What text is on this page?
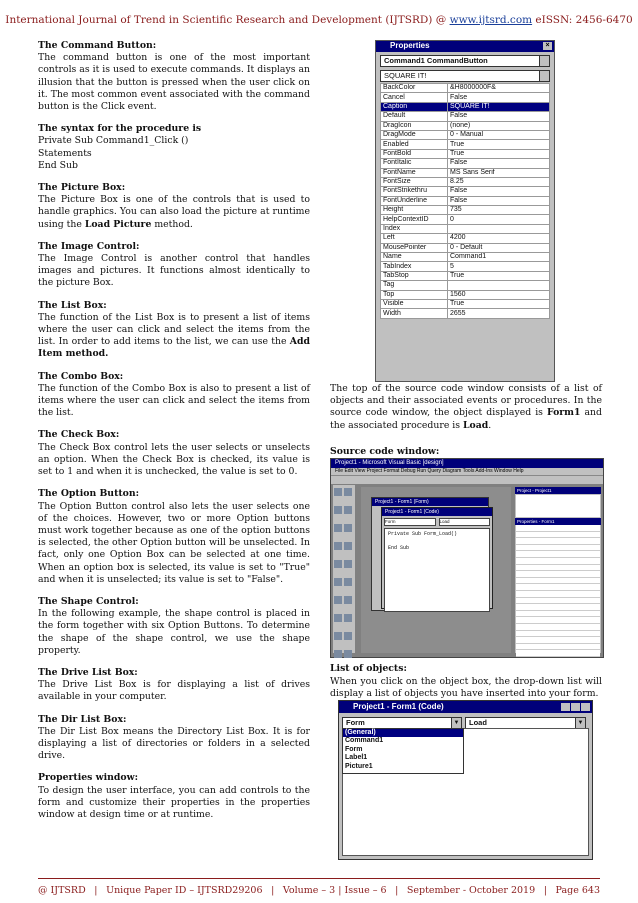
International Journal of Trend in Scientific Research and Development (IJTSRD) @ www.ijtsrd.com eISSN: 2456-6470
The Command Button:

The command button is one of the most important controls as it is used to execute commands. It displays an illusion that the button is pressed when the user click on it. The most common event associated with the command button is the Click event.

The syntax for the procedure is

Private Sub Command1_Click ()
Statements
End Sub

The Picture Box:

The Picture Box is one of the controls that is used to handle graphics. You can also load the picture at runtime using the Load Picture method.

The Image Control:

The Image Control is another control that handles images and pictures. It functions almost identically to the picture Box.

The List Box:

The function of the List Box is to present a list of items where the user can click and select the items from the list. In order to add items to the list, we can use the Add Item method.

The Combo Box:

The function of the Combo Box is also to present a list of items where the user can click and select the items from the list.

The Check Box:

The Check Box control lets the user selects or unselects an option. When the Check Box is checked, its value is set to 1 and when it is unchecked, the value is set to 0.

The Option Button:

The Option Button control also lets the user selects one of the choices. However, two or more Option buttons must work together because as one of the option buttons is selected, the other Option button will be unselected. In fact, only one Option Box can be selected at one time. When an option box is selected, its value is set to "True" and when it is unselected; its value is set to "False".

The Shape Control:

In the following example, the shape control is placed in the form together with six Option Buttons. To determine the shape of the shape control, we use the shape property.

The Drive List Box:

The Drive List Box is for displaying a list of drives available in your computer.

The Dir List Box:

The Dir List Box means the Directory List Box. It is for displaying a list of directories or folders in a selected drive.

Properties window:

To design the user interface, you can add controls to the form and customize their properties in the properties window at design time or at runtime.

Properties	×
Command1 CommandButton
SQUARE IT!
BackColor	&H8000000F&
Cancel	False
Caption	SQUARE IT!
Default	False
DragIcon	(none)
DragMode	0 - Manual
Enabled	True
FontBold	True
FontItalic	False
FontName	MS Sans Serif
FontSize	8.25
FontStrikethru	False
FontUnderline	False
Height	735
HelpContextID	0
Index	
Left	4200
MousePointer	0 - Default
Name	Command1
TabIndex	5
TabStop	True
Tag	
Top	1560
Visible	True
Width	2655
The top of the source code window consists of a list of objects and their associated events or procedures. In the source code window, the object displayed is Form1 and the associated procedure is Load.
Source code window:
Project1 - Microsoft Visual Basic [design]
File Edit View Project Format Debug Run Query Diagram Tools Add-Ins Window Help
Project1 - Form1 (Form)
Project1 - Form1 (Code)
Form	Load
Private Sub Form_Load()

End Sub
Project - Project1
Properties - Form1
List of objects:
When you click on the object box, the drop-down list will display a list of objects you have inserted into your form.
Project1 - Form1 (Code)
Form	▼	Load	▼
(General)
Command1
Form
Label1
Picture1
@ IJTSRD | Unique Paper ID – IJTSRD29206 | Volume – 3 | Issue – 6 | September - October 2019 | Page 643
